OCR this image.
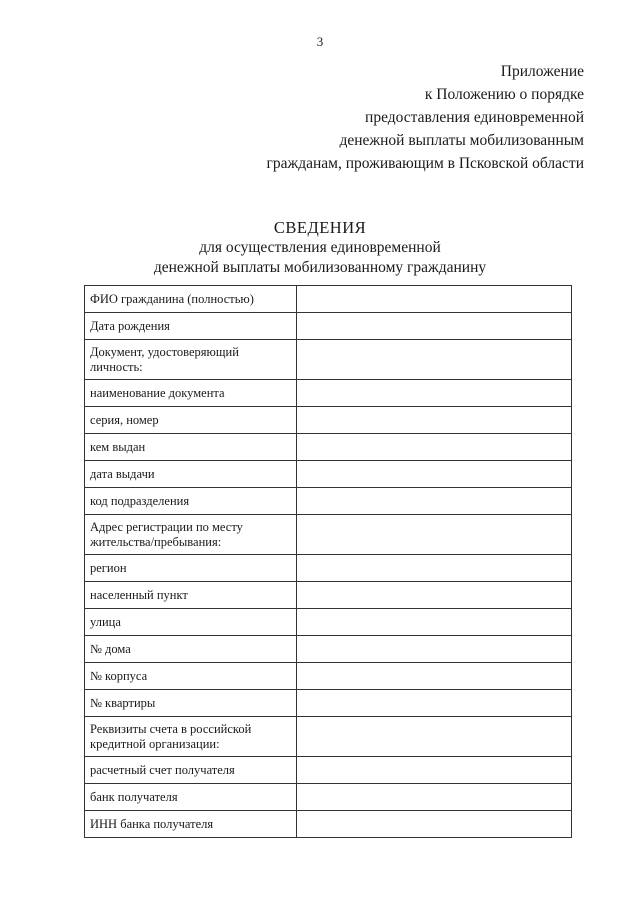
3
Приложение
к Положению о порядке
предоставления единовременной
денежной выплаты мобилизованным
гражданам, проживающим в Псковской области
СВЕДЕНИЯ
для осуществления единовременной
денежной выплаты мобилизованному гражданину
ФИО гражданина (полностью)	
Дата рождения	
Документ, удостоверяющий личность:	
наименование документа	
серия, номер	
кем выдан	
дата выдачи	
код подразделения	
Адрес регистрации по месту жительства/пребывания:	
регион	
населенный пункт	
улица	
№ дома	
№ корпуса	
№ квартиры	
Реквизиты счета в российской кредитной организации:	
расчетный счет получателя	
банк получателя	
ИНН банка получателя	
